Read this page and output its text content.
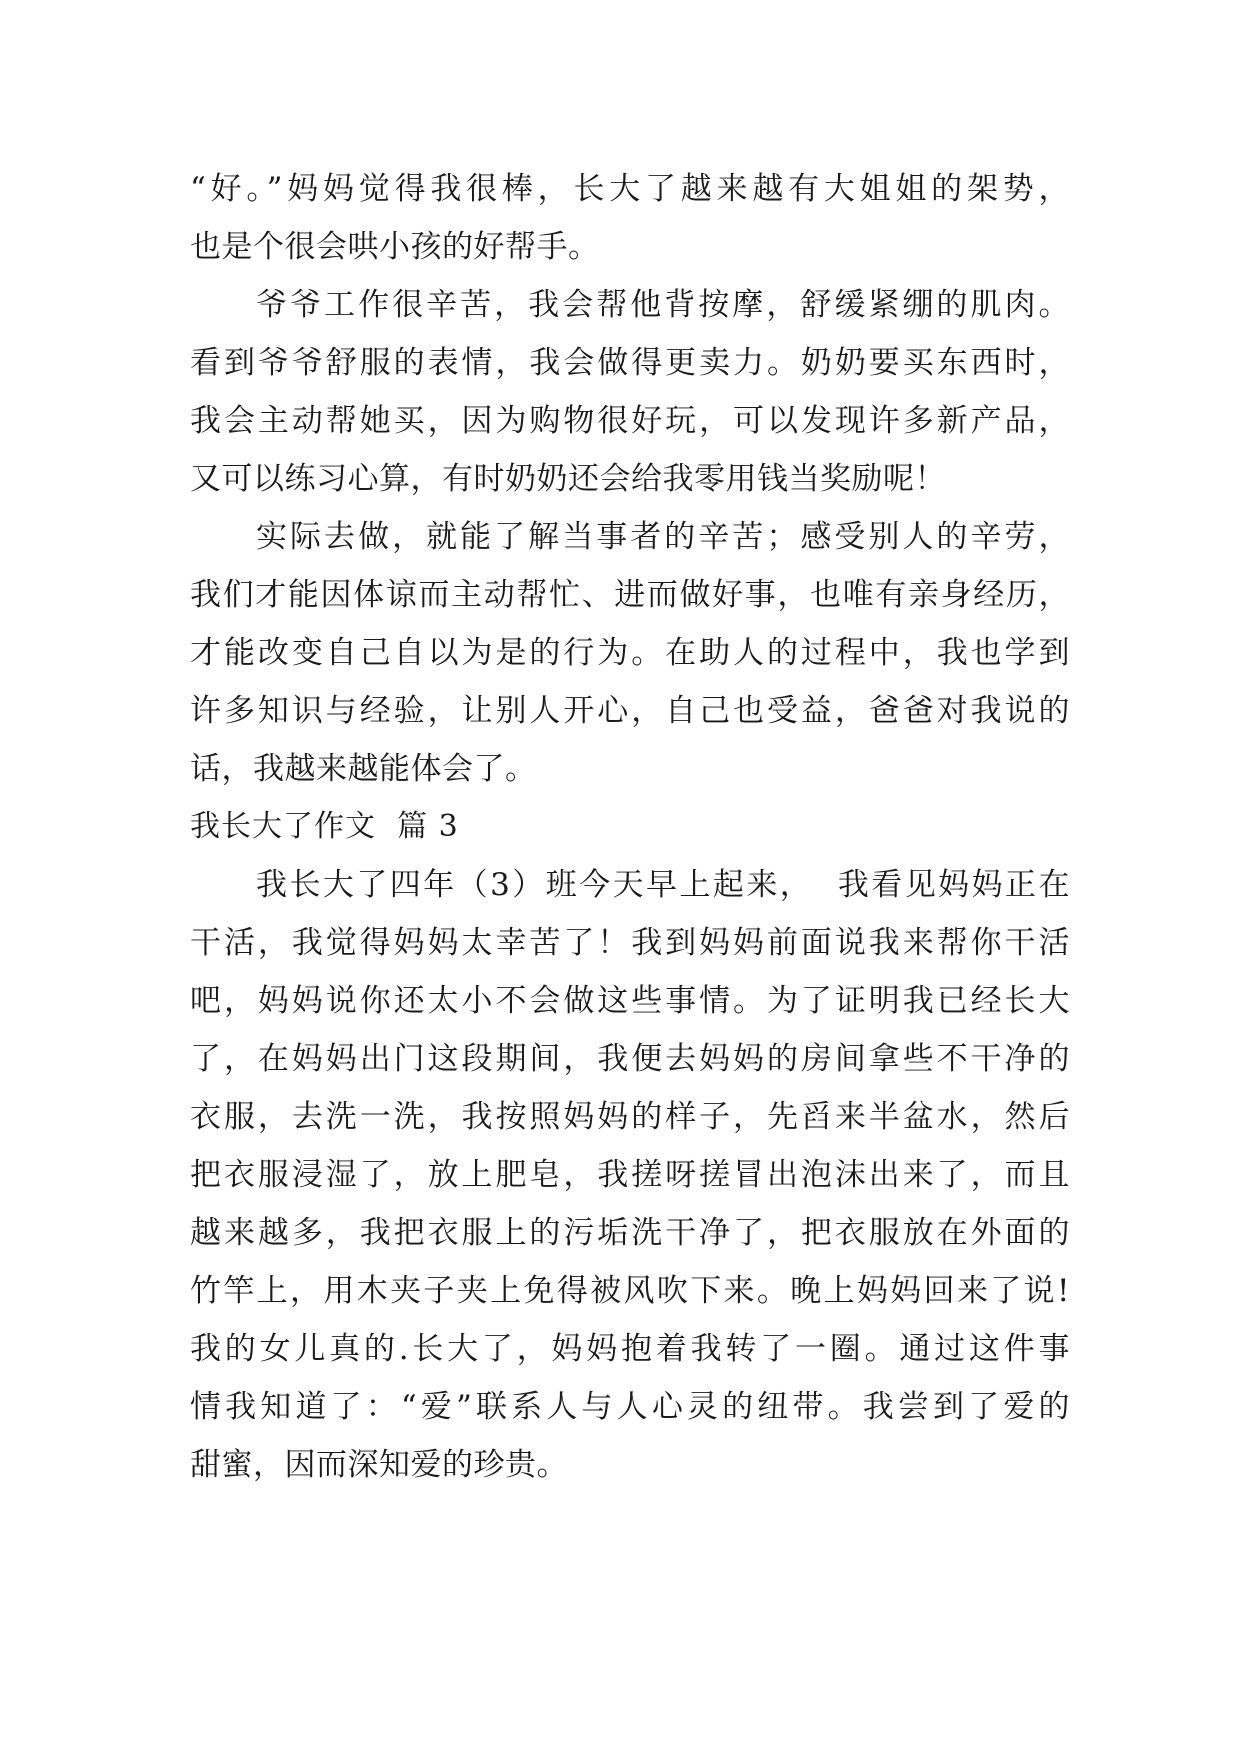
“好。”妈妈觉得我很棒，长大了越来越有大姐姐的架势，
也是个很会哄小孩的好帮手。
爷爷工作很辛苦，我会帮他背按摩，舒缓紧绷的肌肉。
看到爷爷舒服的表情，我会做得更卖力。奶奶要买东西时，
我会主动帮她买，因为购物很好玩，可以发现许多新产品，
又可以练习心算，有时奶奶还会给我零用钱当奖励呢！
实际去做，就能了解当事者的辛苦；感受别人的辛劳，
我们才能因体谅而主动帮忙、进而做好事，也唯有亲身经历，
才能改变自己自以为是的行为。在助人的过程中，我也学到
许多知识与经验，让别人开心，自己也受益，爸爸对我说的
话，我越来越能体会了。
我长大了作文  篇 3
我长大了四年（3）班今天早上起来，  我看见妈妈正在
干活，我觉得妈妈太幸苦了！我到妈妈前面说我来帮你干活
吧，妈妈说你还太小不会做这些事情。为了证明我已经长大
了，在妈妈出门这段期间，我便去妈妈的房间拿些不干净的
衣服，去洗一洗，我按照妈妈的样子，先舀来半盆水，然后
把衣服浸湿了，放上肥皂，我搓呀搓冒出泡沫出来了，而且
越来越多，我把衣服上的污垢洗干净了，把衣服放在外面的
竹竿上，用木夹子夹上免得被风吹下来。晚上妈妈回来了说!
我的女儿真的.长大了，妈妈抱着我转了一圈。通过这件事
情我知道了：“爱”联系人与人心灵的纽带。我尝到了爱的
甜蜜，因而深知爱的珍贵。
